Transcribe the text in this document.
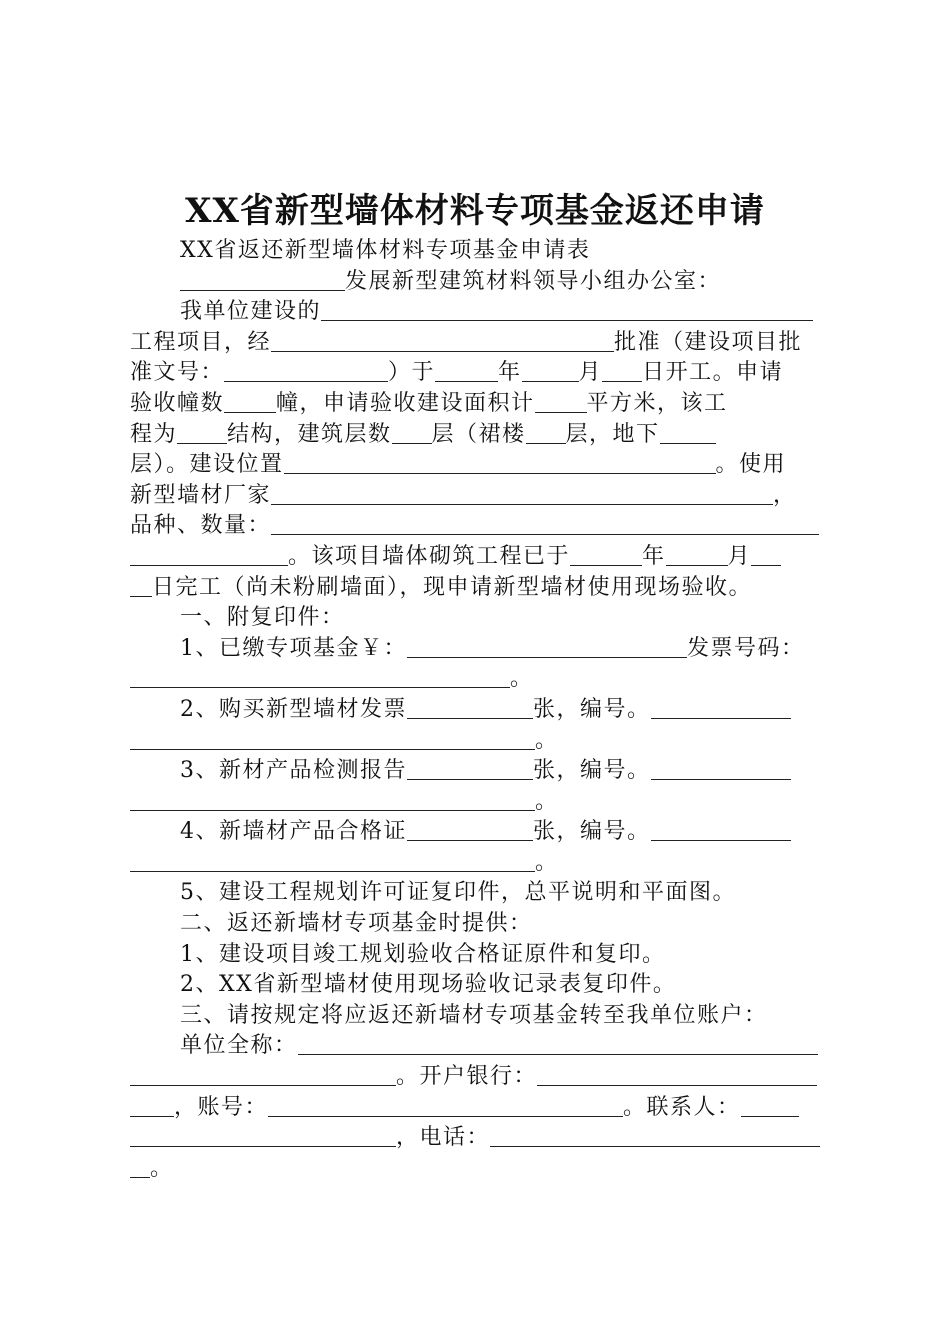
XX省新型墙体材料专项基金返还申请
XX省返还新型墙体材料专项基金申请表
发展新型建筑材料领导小组办公室：
我单位建设的
工程项目，经	批准（建设项目批
准文号：	）于	年	月 日开工。申请
验收幢数 幢，申请验收建设面积计 平方米，该工
程为 结构，建筑层数 层（裙楼 层，地下
层）。建设位置	。使用
新型墙材厂家	，
品种、数量：
。该项目墙体砌筑工程已于	年	月
日完工（尚未粉刷墙面），现申请新型墙材使用现场验收。
一、附复印件：
1、已缴专项基金￥：	发票号码：
。
2、购买新型墙材发票	张，编号。
。
3、新材产品检测报告	张，编号。
。
4、新墙材产品合格证	张，编号。
。
5、建设工程规划许可证复印件，总平说明和平面图。
二、返还新墙材专项基金时提供：
1、建设项目竣工规划验收合格证原件和复印。
2、XX省新型墙材使用现场验收记录表复印件。
三、请按规定将应返还新墙材专项基金转至我单位账户：
单位全称：
。开户银行：
，账号：	。联系人：
，电话：
。
